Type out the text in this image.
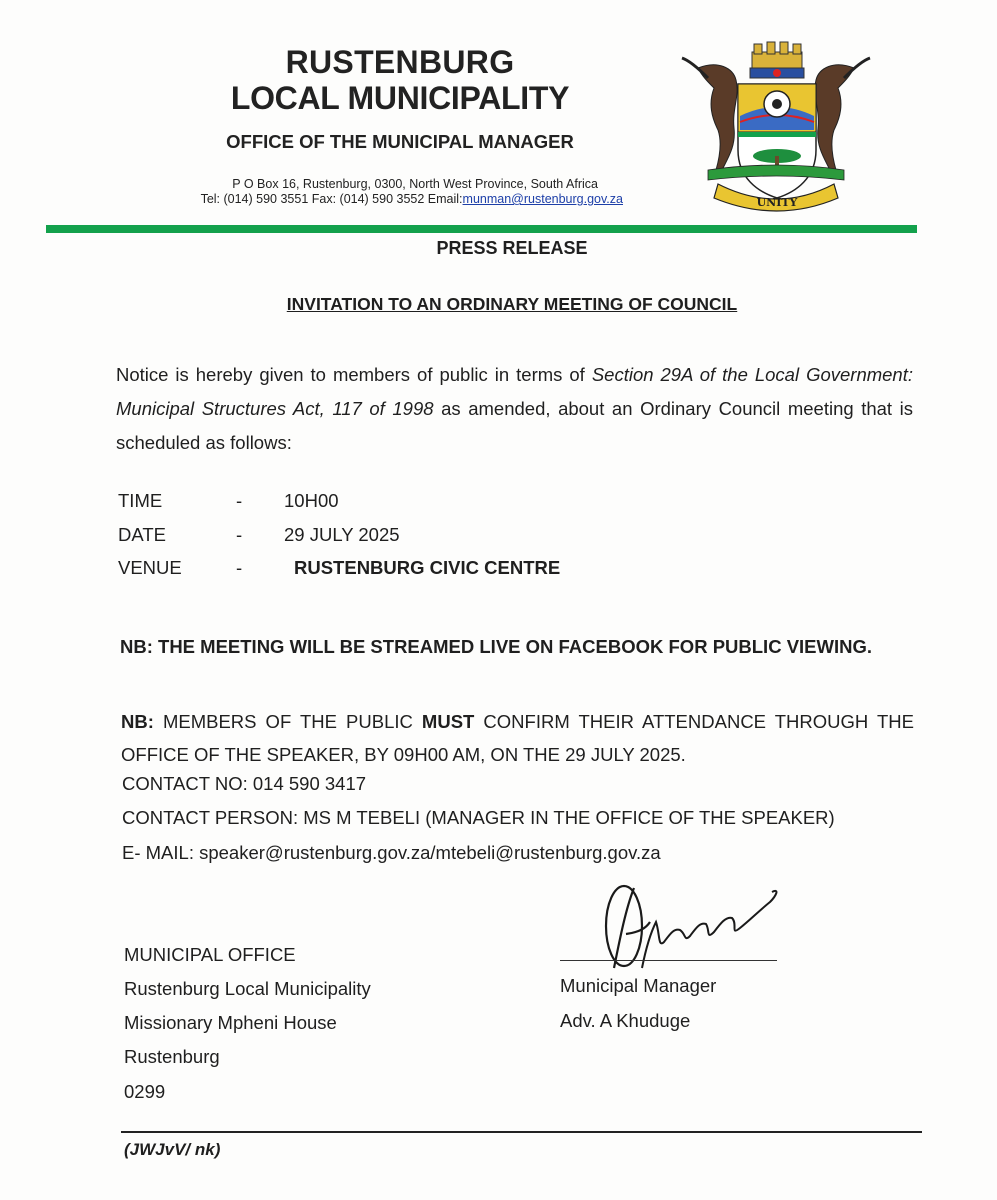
RUSTENBURG
LOCAL MUNICIPALITY
OFFICE OF THE MUNICIPAL MANAGER
P O Box 16, Rustenburg, 0300, North West Province, South Africa
Tel: (014) 590 3551 Fax: (014) 590 3552 Email:munman@rustenburg.gov.za	UNITY
PRESS RELEASE
INVITATION TO AN ORDINARY MEETING OF COUNCIL
Notice is hereby given to members of public in terms of Section 29A of the Local Government: Municipal Structures Act, 117 of 1998 as amended, about an Ordinary Council meeting that is scheduled as follows:
TIME	- 10H00
DATE	- 29 JULY 2025
VENUE	-	RUSTENBURG CIVIC CENTRE
NB: THE MEETING WILL BE STREAMED LIVE ON FACEBOOK FOR PUBLIC VIEWING.
NB: MEMBERS OF THE PUBLIC MUST CONFIRM THEIR ATTENDANCE THROUGH THE OFFICE OF THE SPEAKER, BY 09H00 AM, ON THE 29 JULY 2025.
CONTACT NO: 014 590 3417
CONTACT PERSON: MS M TEBELI (MANAGER IN THE OFFICE OF THE SPEAKER)
E- MAIL: speaker@rustenburg.gov.za/mtebeli@rustenburg.gov.za
MUNICIPAL OFFICE
Rustenburg Local Municipality
Missionary Mpheni House
Rustenburg
0299
Municipal Manager
Adv. A Khuduge
(JWJvV/ nk)
